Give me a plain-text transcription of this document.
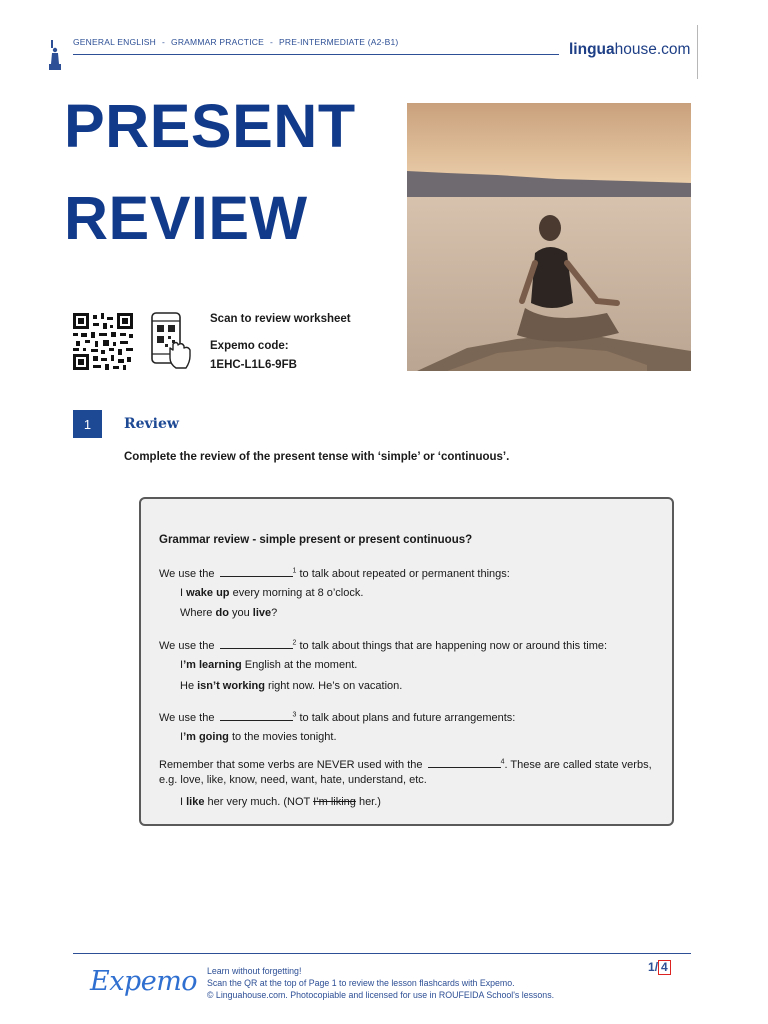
GENERAL ENGLISH - GRAMMAR PRACTICE - PRE-INTERMEDIATE (A2-B1)	linguahouse.com
PRESENT
REVIEW
Scan to review worksheet
Expemo code:
1EHC-L1L6-9FB
1	Review
Complete the review of the present tense with ‘simple’ or ‘continuous’.
Grammar review - simple present or present continuous?
We use the	$^1$ to talk about repeated or permanent things:
I wake up every morning at 8 o’clock.
Where do you live?
We use the	$^2$ to talk about things that are happening now or around this time:
I’m learning English at the moment.
He isn’t working right now. He’s on vacation.
We use the	$^3$ to talk about plans and future arrangements:
I’m going to the movies tonight.
Remember that some verbs are NEVER used with the	$^4$. These are called state verbs,
e.g. love, like, know, need, want, hate, understand, etc.
I like her very much. (NOT I’m liking her.)
Expemo Learn without forgetting!
Scan the QR at the top of Page 1 to review the lesson flashcards with Expemo.
© Linguahouse.com. Photocopiable and licensed for use in ROUFEIDA School's lessons.
1/ 4
